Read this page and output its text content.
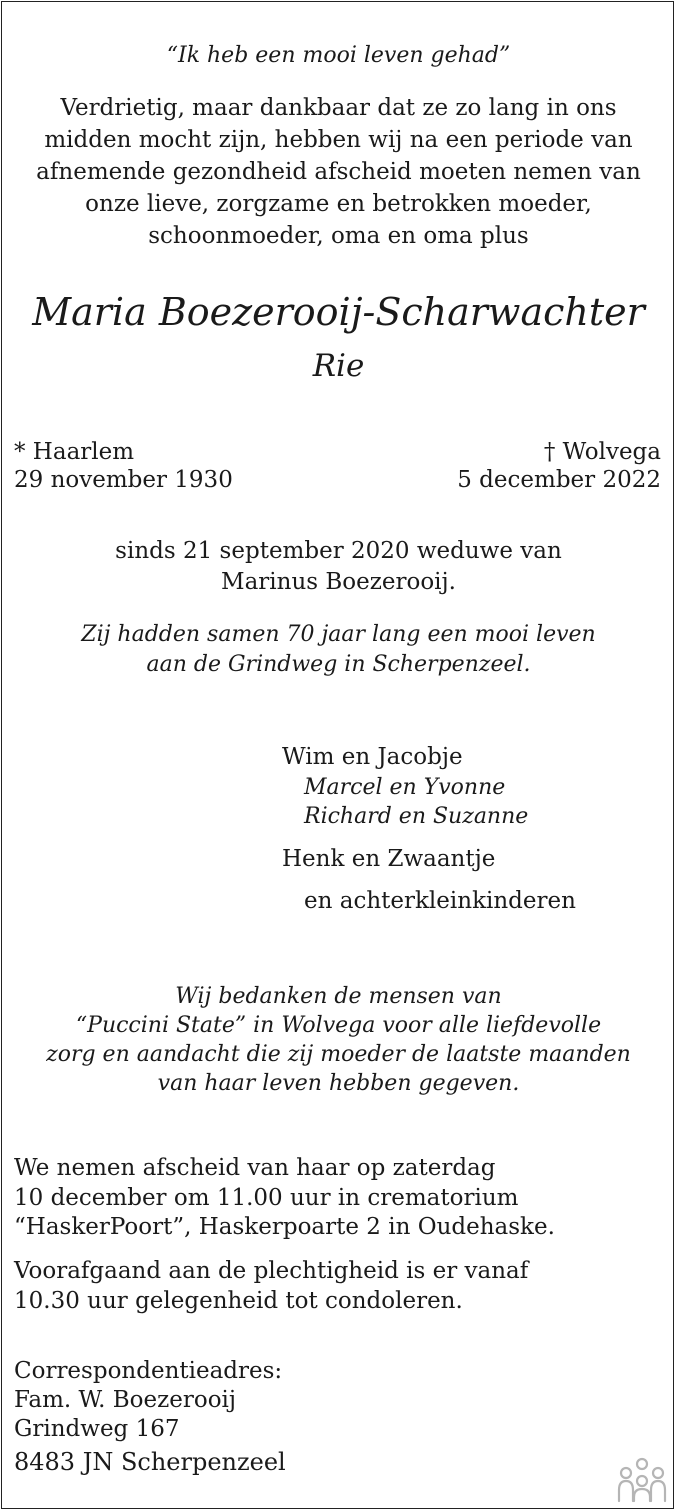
“Ik heb een mooi leven gehad”
Verdrietig, maar dankbaar dat ze zo lang in ons
midden mocht zijn, hebben wij na een periode van
afnemende gezondheid afscheid moeten nemen van
onze lieve, zorgzame en betrokken moeder,
schoonmoeder, oma en oma plus
Maria Boezerooij-Scharwachter
Rie
* Haarlem
29 november 1930
† Wolvega
5 december 2022
sinds 21 september 2020 weduwe van
Marinus Boezerooij.
Zij hadden samen 70 jaar lang een mooi leven
aan de Grindweg in Scherpenzeel.
Wim en Jacobje
Marcel en Yvonne
Richard en Suzanne
Henk en Zwaantje
en achterkleinkinderen
Wij bedanken de mensen van
“Puccini State” in Wolvega voor alle liefdevolle
zorg en aandacht die zij moeder de laatste maanden
van haar leven hebben gegeven.
We nemen afscheid van haar op zaterdag
10 december om 11.00 uur in crematorium
“HaskerPoort”, Haskerpoarte 2 in Oudehaske.
Voorafgaand aan de plechtigheid is er vanaf
10.30 uur gelegenheid tot condoleren.
Correspondentieadres:
Fam. W. Boezerooij
Grindweg 167
8483 JN Scherpenzeel
